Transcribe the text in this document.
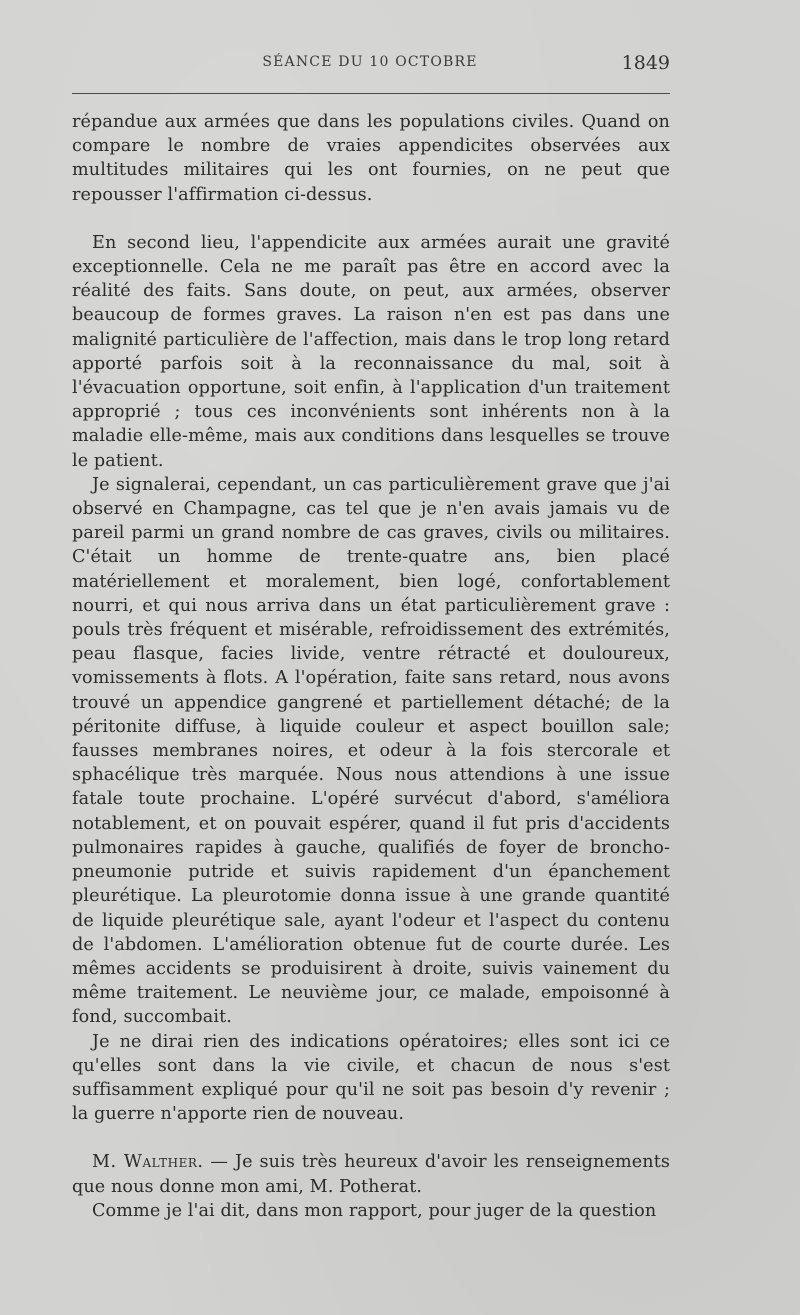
SÉANCE DU 10 OCTOBRE	1849

répandue aux armées que dans les populations civiles. Quand on compare le nombre de vraies appendicites observées aux multitudes militaires qui les ont fournies, on ne peut que repousser l'affirmation ci-dessus.

En second lieu, l'appendicite aux armées aurait une gravité exceptionnelle. Cela ne me paraît pas être en accord avec la réalité des faits. Sans doute, on peut, aux armées, observer beaucoup de formes graves. La raison n'en est pas dans une malignité particulière de l'affection, mais dans le trop long retard apporté parfois soit à la reconnaissance du mal, soit à l'évacuation opportune, soit enfin, à l'application d'un traitement approprié ; tous ces inconvénients sont inhérents non à la maladie elle-même, mais aux conditions dans lesquelles se trouve le patient.

Je signalerai, cependant, un cas particulièrement grave que j'ai observé en Champagne, cas tel que je n'en avais jamais vu de pareil parmi un grand nombre de cas graves, civils ou militaires. C'était un homme de trente-quatre ans, bien placé matériellement et moralement, bien logé, confortablement nourri, et qui nous arriva dans un état particulièrement grave : pouls très fréquent et misérable, refroidissement des extrémités, peau flasque, facies livide, ventre rétracté et douloureux, vomissements à flots. A l'opération, faite sans retard, nous avons trouvé un appendice gangrené et partiellement détaché; de la péritonite diffuse, à liquide couleur et aspect bouillon sale; fausses membranes noires, et odeur à la fois stercorale et sphacélique très marquée. Nous nous attendions à une issue fatale toute prochaine. L'opéré survécut d'abord, s'améliora notablement, et on pouvait espérer, quand il fut pris d'accidents pulmonaires rapides à gauche, qualifiés de foyer de broncho-pneumonie putride et suivis rapidement d'un épanchement pleurétique. La pleurotomie donna issue à une grande quantité de liquide pleurétique sale, ayant l'odeur et l'aspect du contenu de l'abdomen. L'amélioration obtenue fut de courte durée. Les mêmes accidents se produisirent à droite, suivis vainement du même traitement. Le neuvième jour, ce malade, empoisonné à fond, succombait.

Je ne dirai rien des indications opératoires; elles sont ici ce qu'elles sont dans la vie civile, et chacun de nous s'est suffisamment expliqué pour qu'il ne soit pas besoin d'y revenir ; la guerre n'apporte rien de nouveau.

M. Walther. — Je suis très heureux d'avoir les renseignements que nous donne mon ami, M. Potherat.

Comme je l'ai dit, dans mon rapport, pour juger de la question
